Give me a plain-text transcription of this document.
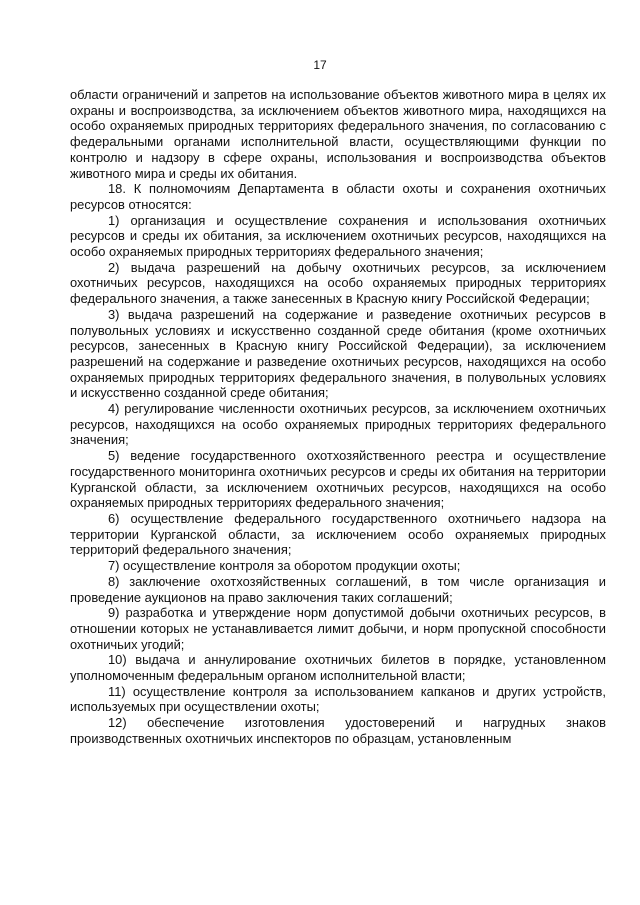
17

области ограничений и запретов на использование объектов животного мира в целях их охраны и воспроизводства, за исключением объектов животного мира, находящихся на особо охраняемых природных территориях федерального значения, по согласованию с федеральными органами исполнительной власти, осуществляющими функции по контролю и надзору в сфере охраны, использования и воспроизводства объектов животного мира и среды их обитания.

18. К полномочиям Департамента в области охоты и сохранения охотничьих ресурсов относятся:

1) организация и осуществление сохранения и использования охотничьих ресурсов и среды их обитания, за исключением охотничьих ресурсов, находящихся на особо охраняемых природных территориях федерального значения;

2) выдача разрешений на добычу охотничьих ресурсов, за исключением охотничьих ресурсов, находящихся на особо охраняемых природных территориях федерального значения, а также занесенных в Красную книгу Российской Федерации;

3) выдача разрешений на содержание и разведение охотничьих ресурсов в полувольных условиях и искусственно созданной среде обитания (кроме охотничьих ресурсов, занесенных в Красную книгу Российской Федерации), за исключением разрешений на содержание и разведение охотничьих ресурсов, находящихся на особо охраняемых природных территориях федерального значения, в полувольных условиях и искусственно созданной среде обитания;

4) регулирование численности охотничьих ресурсов, за исключением охотничьих ресурсов, находящихся на особо охраняемых природных территориях федерального значения;

5) ведение государственного охотхозяйственного реестра и осуществление государственного мониторинга охотничьих ресурсов и среды их обитания на территории Курганской области, за исключением охотничьих ресурсов, находящихся на особо охраняемых природных территориях федерального значения;

6) осуществление федерального государственного охотничьего надзора на территории Курганской области, за исключением особо охраняемых природных территорий федерального значения;

7) осуществление контроля за оборотом продукции охоты;

8) заключение охотхозяйственных соглашений, в том числе организация и проведение аукционов на право заключения таких соглашений;

9) разработка и утверждение норм допустимой добычи охотничьих ресурсов, в отношении которых не устанавливается лимит добычи, и норм пропускной способности охотничьих угодий;

10) выдача и аннулирование охотничьих билетов в порядке, установленном уполномоченным федеральным органом исполнительной власти;

11) осуществление контроля за использованием капканов и других устройств, используемых при осуществлении охоты;

12) обеспечение изготовления удостоверений и нагрудных знаков производственных охотничьих инспекторов по образцам, установленным
